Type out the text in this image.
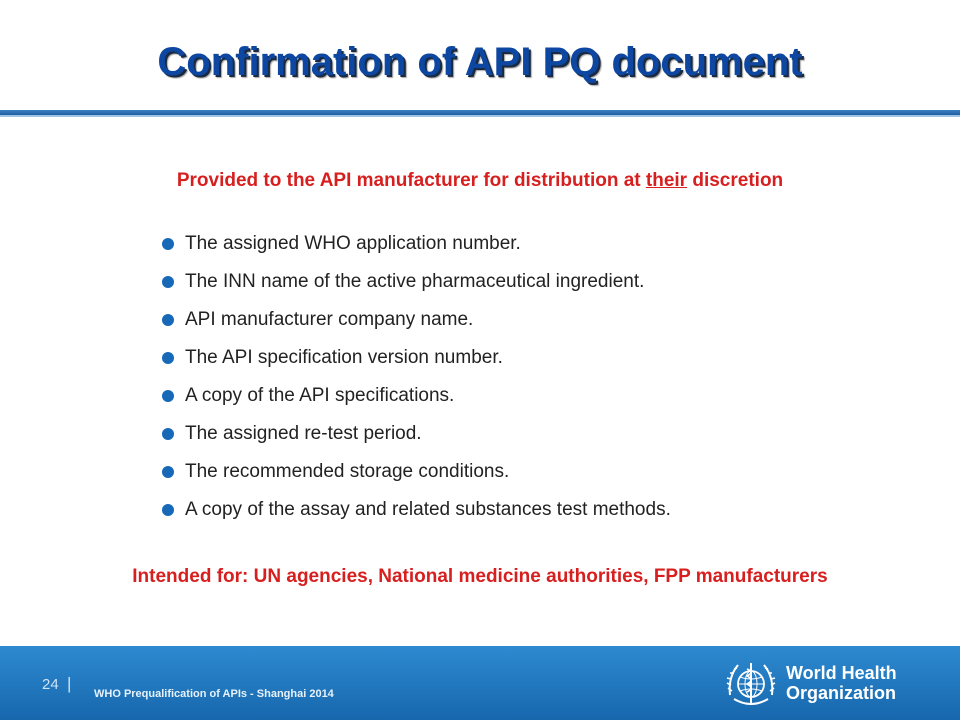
Confirmation of API PQ document
Provided to the API manufacturer for distribution at their discretion
The assigned WHO application number.
The INN name of the active pharmaceutical ingredient.
API manufacturer company name.
The API specification version number.
A copy of the API specifications.
The assigned re-test period.
The recommended storage conditions.
A copy of the assay and related substances test methods.
Intended for: UN agencies, National medicine authorities, FPP manufacturers
24 |
WHO Prequalification of APIs - Shanghai 2014
World Health
Organization
